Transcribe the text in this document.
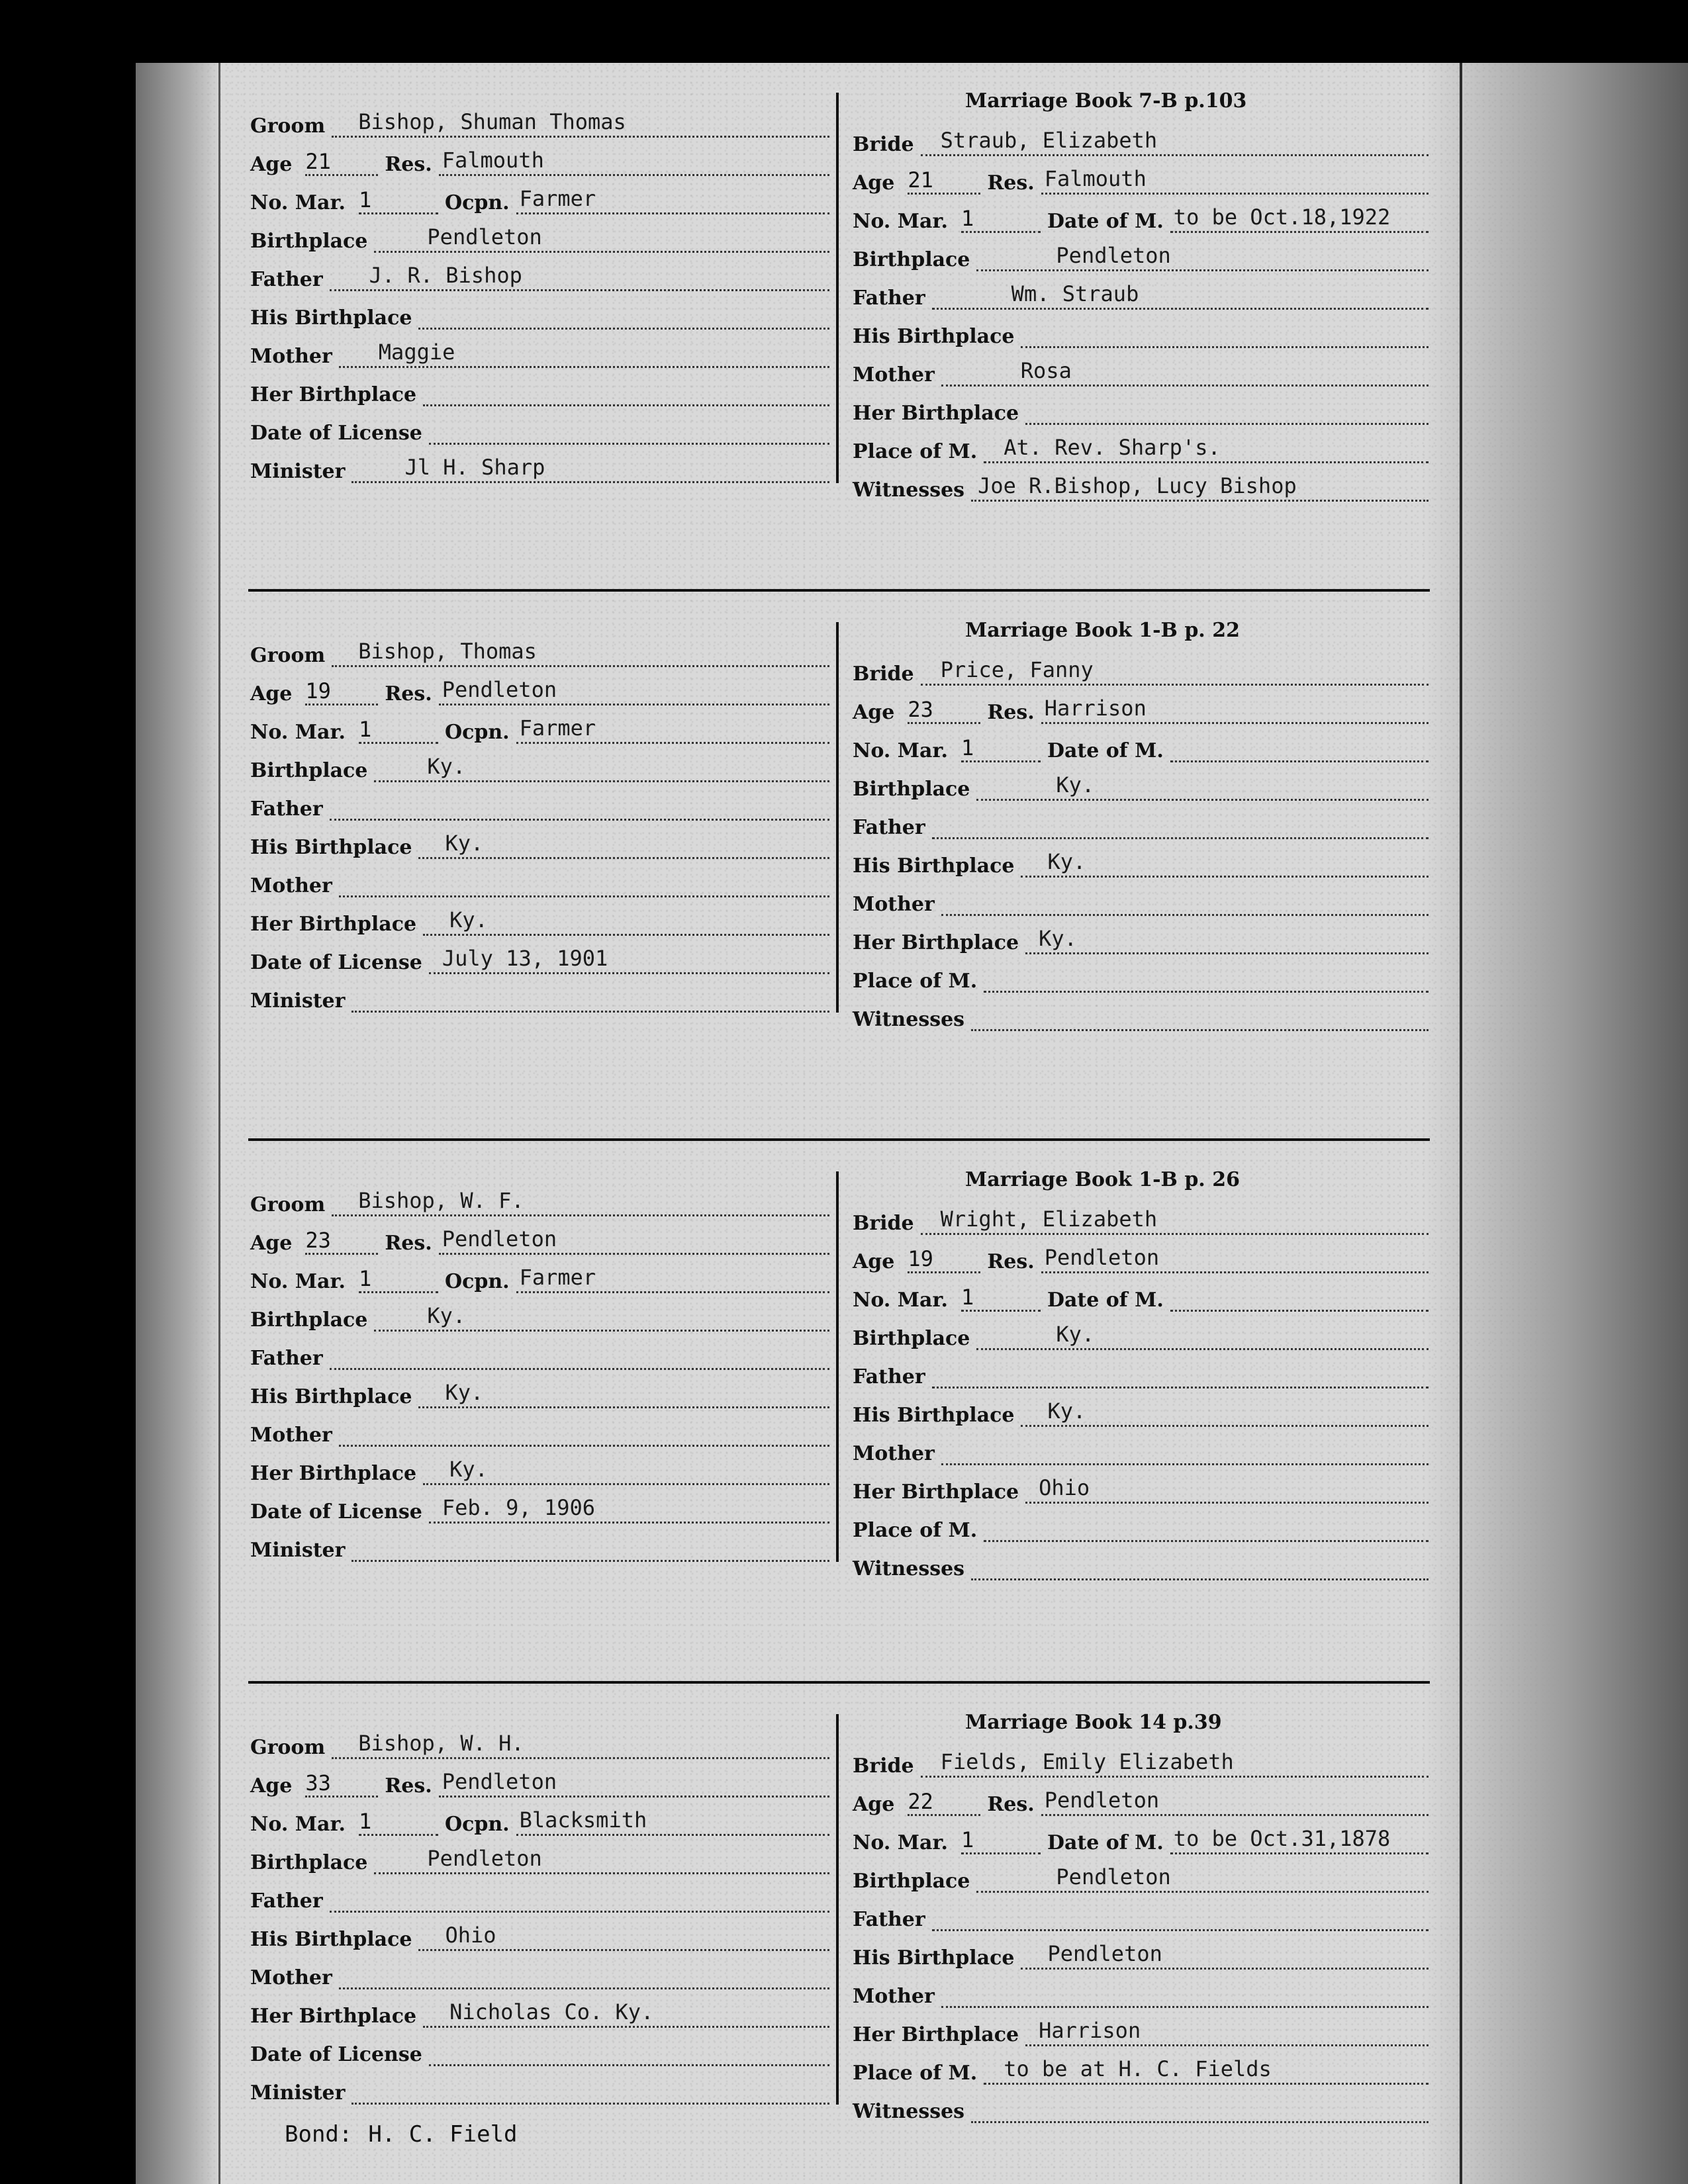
Groom Bishop, Shuman Thomas
Age 21	Res. Falmouth
No. Mar. 1	Ocpn. Farmer
Birthplace	Pendleton
Father J. R. Bishop
His Birthplace
Mother Maggie
Her Birthplace
Date of License
Minister	Jl H. Sharp
Marriage Book 7-B p.103
Bride Straub, Elizabeth
Age 21	Res. Falmouth
No. Mar. 1	Date of M. to be Oct.18,1922
Birthplace	Pendleton
Father	Wm. Straub
His Birthplace
Mother	Rosa
Her Birthplace
Place of M. At. Rev. Sharp's.
Witnesses Joe R.Bishop, Lucy Bishop
Groom Bishop, Thomas
Age 19	Res. Pendleton
No. Mar. 1	Ocpn. Farmer
Birthplace	Ky.
Father
His Birthplace Ky.
Mother
Her Birthplace Ky.
Date of License July 13, 1901
Minister
Marriage Book 1-B p. 22
Bride Price, Fanny
Age 23	Res. Harrison
No. Mar. 1	Date of M.
Birthplace	Ky.
Father
His Birthplace Ky.
Mother
Her Birthplace Ky.
Place of M.
Witnesses
Groom Bishop, W. F.
Age 23	Res. Pendleton
No. Mar. 1	Ocpn. Farmer
Birthplace	Ky.
Father
His Birthplace Ky.
Mother
Her Birthplace Ky.
Date of License Feb. 9, 1906
Minister
Marriage Book 1-B p. 26
Bride Wright, Elizabeth
Age 19	Res. Pendleton
No. Mar. 1	Date of M.
Birthplace	Ky.
Father
His Birthplace Ky.
Mother
Her Birthplace Ohio
Place of M.
Witnesses
Groom Bishop, W. H.
Age 33	Res. Pendleton
No. Mar. 1	Ocpn. Blacksmith
Birthplace	Pendleton
Father
His Birthplace Ohio
Mother
Her Birthplace Nicholas Co. Ky.
Date of License
Minister
Marriage Book 14 p.39
Bride Fields, Emily Elizabeth
Age 22	Res. Pendleton
No. Mar. 1	Date of M. to be Oct.31,1878
Birthplace	Pendleton
Father
His Birthplace Pendleton
Mother
Her Birthplace Harrison
Place of M. to be at H. C. Fields
Witnesses
Bond: H. C. Field
